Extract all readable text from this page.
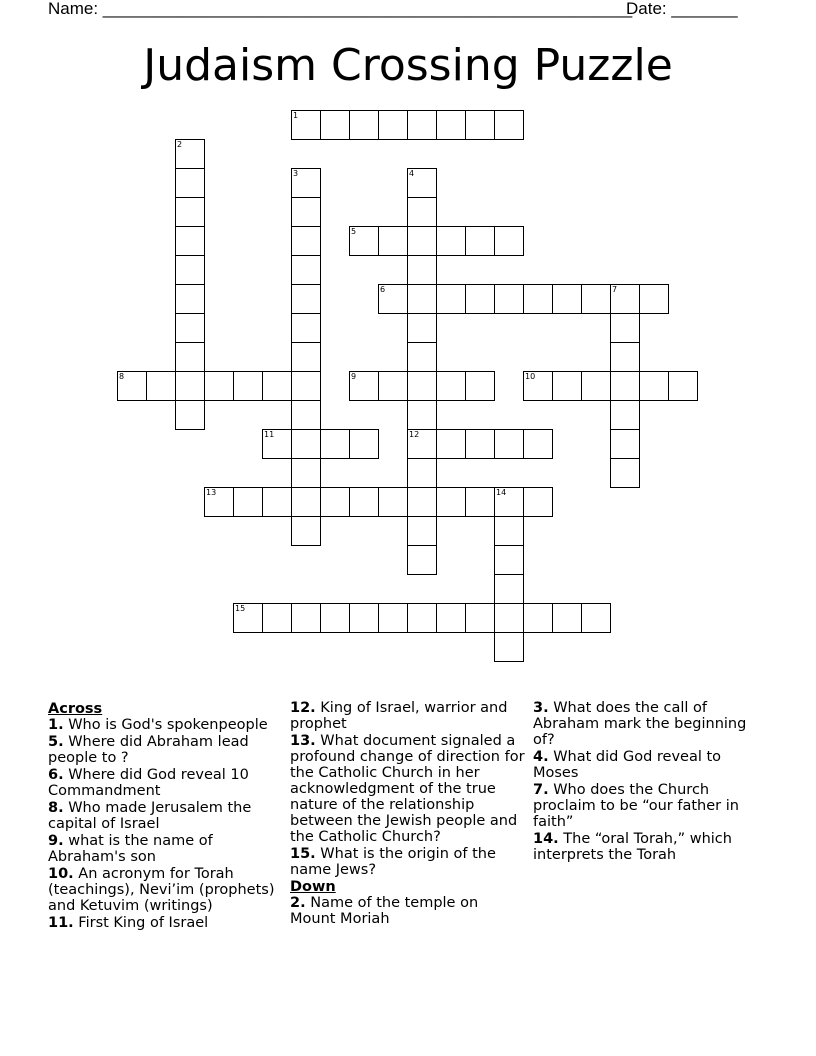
Name: ________________________________________________________
Date: _______
Judaism Crossing Puzzle
1
5
6	7
8	9	10
11	12
13	14
15
2
3	4
Across
1. Who is God's spokenpeople
5. Where did Abraham lead people to ?
6. Where did God reveal 10 Commandment
8. Who made Jerusalem the capital of Israel
9. what is the name of Abraham's son
10. An acronym for Torah (teachings), Nevi’im (prophets) and Ketuvim (writings)
11. First King of Israel
12. King of Israel, warrior and prophet
13. What document signaled a profound change of direction for the Catholic Church in her acknowledgment of the true nature of the relationship between the Jewish people and the Catholic Church?
15. What is the origin of the name Jews?
Down
2. Name of the temple on Mount Moriah
3. What does the call of Abraham mark the beginning of?
4. What did God reveal to Moses
7. Who does the Church proclaim to be “our father in faith”
14. The “oral Torah,” which interprets the Torah
